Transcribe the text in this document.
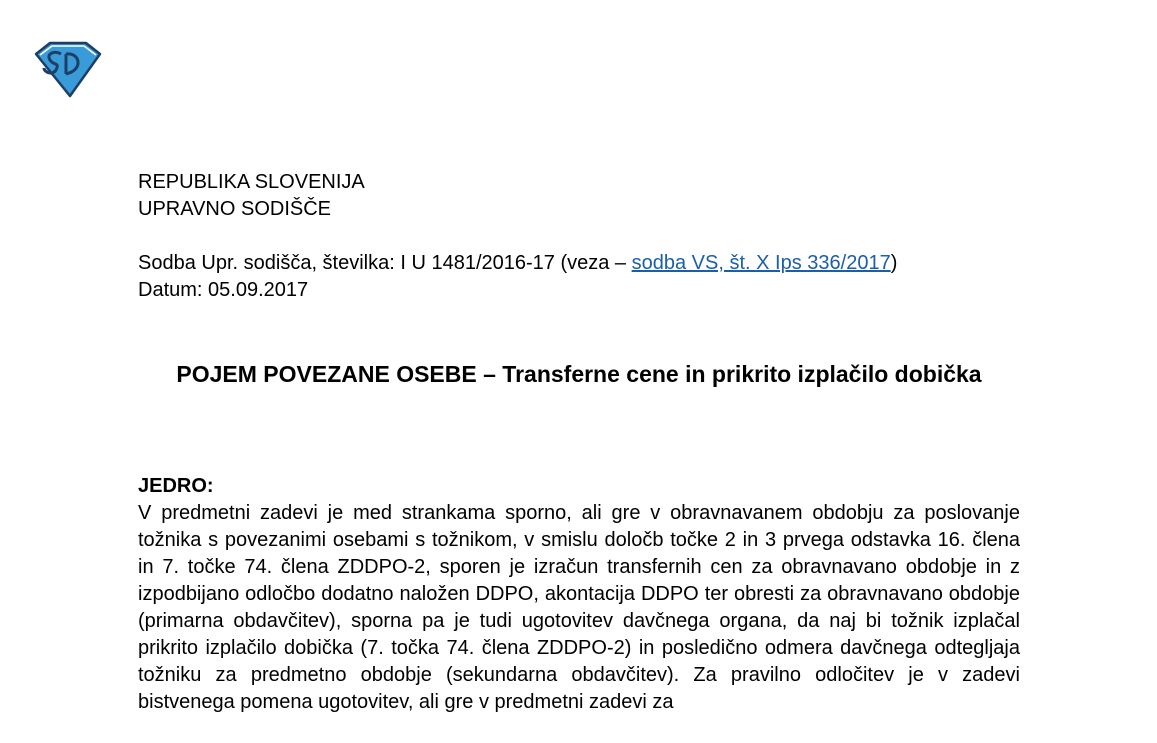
REPUBLIKA SLOVENIJA
UPRAVNO SODIŠČE
Sodba Upr. sodišča, številka: I U 1481/2016-17 (veza – sodba VS, št. X Ips 336/2017)
Datum: 05.09.2017
POJEM POVEZANE OSEBE – Transferne cene in prikrito izplačilo dobička
JEDRO:
V predmetni zadevi je med strankama sporno, ali gre v obravnavanem obdobju za poslovanje tožnika s povezanimi osebami s tožnikom, v smislu določb točke 2 in 3 prvega odstavka 16. člena in 7. točke 74. člena ZDDPO-2, sporen je izračun transfernih cen za obravnavano obdobje in z izpodbijano odločbo dodatno naložen DDPO, akontacija DDPO ter obresti za obravnavano obdobje (primarna obdavčitev), sporna pa je tudi ugotovitev davčnega organa, da naj bi tožnik izplačal prikrito izplačilo dobička (7. točka 74. člena ZDDPO-2) in posledično odmera davčnega odtegljaja tožniku za predmetno obdobje (sekundarna obdavčitev). Za pravilno odločitev je v zadevi bistvenega pomena ugotovitev, ali gre v predmetni zadevi za
